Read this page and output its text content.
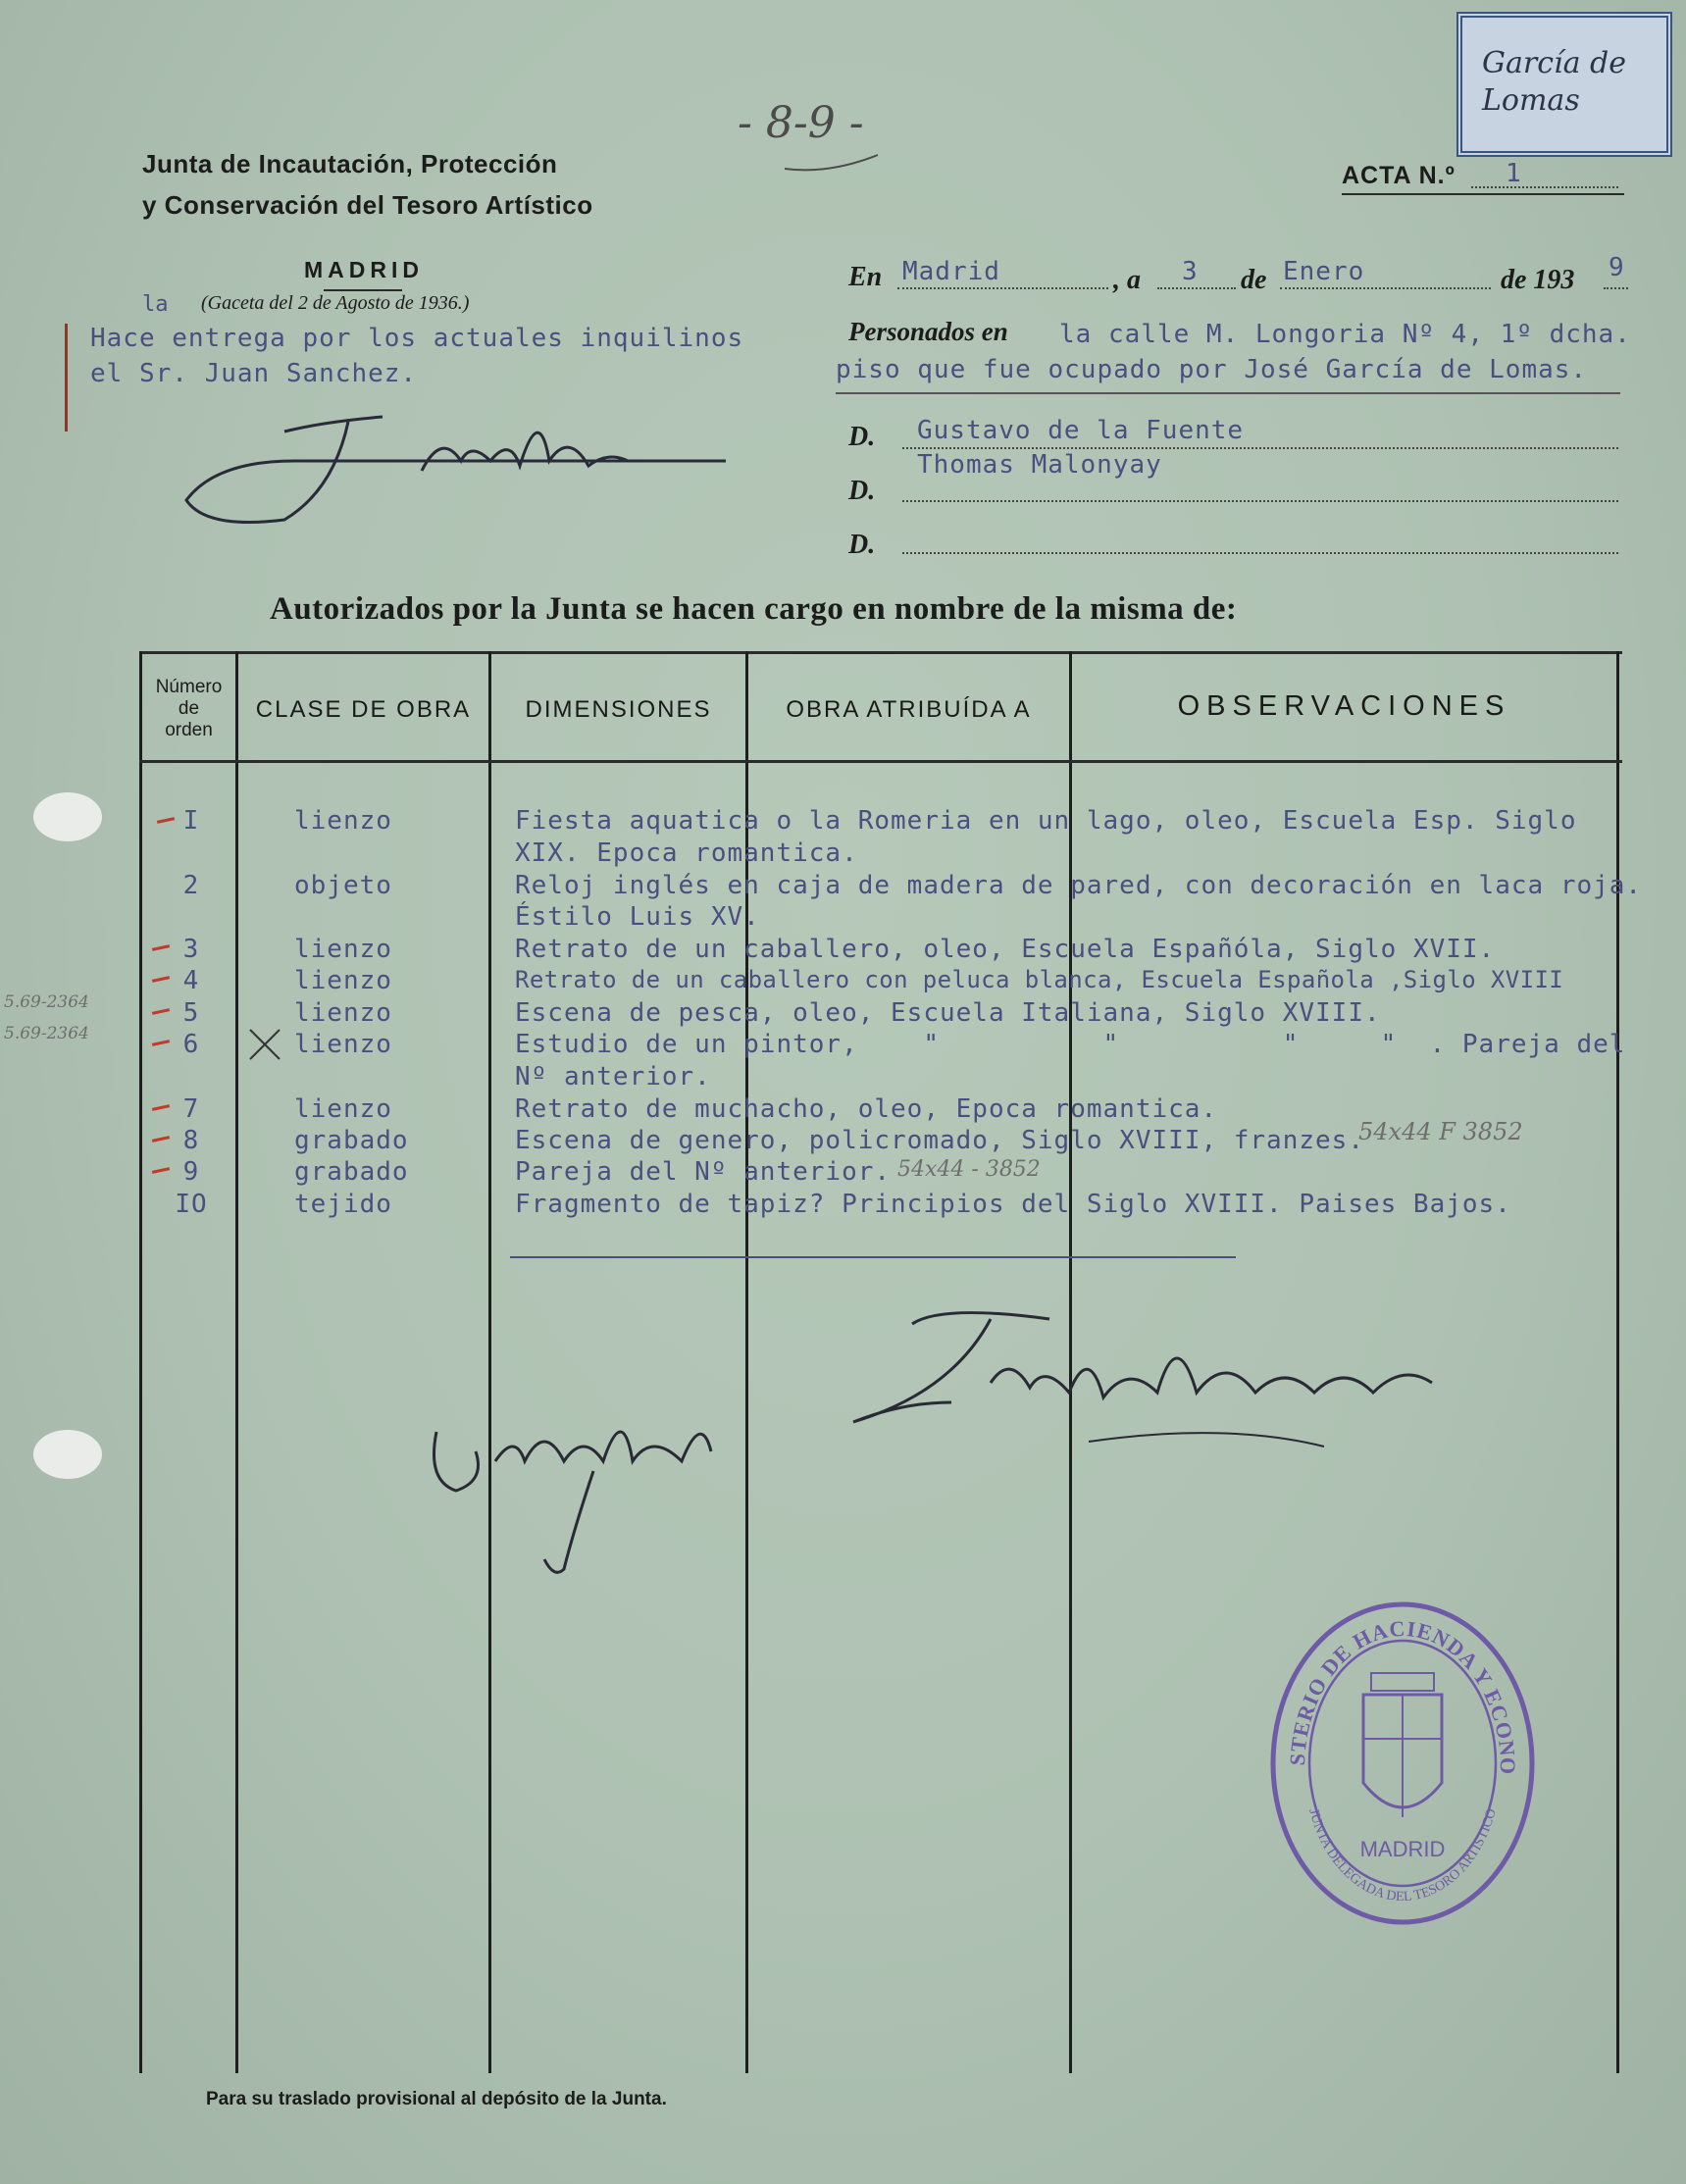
García de Lomas
- 8-9 -
Junta de Incautación, Protección
y Conservación del Tesoro Artístico
MADRID
la (Gaceta del 2 de Agosto de 1936.)
ACTA N.º 1
Hace entrega por los actuales inquilinos
el Sr. Juan Sanchez.
En Madrid	, a 3 de Enero	de 193 9
Personados en la calle M. Longoria Nº 4, 1º dcha.
piso que fue ocupado por José García de Lomas.
D. Gustavo de la Fuente
Thomas Malonyay
D.
D.
Autorizados por la Junta se hacen cargo en nombre de la misma de:
Número
de
orden
CLASE DE OBRA	DIMENSIONES	OBRA ATRIBUÍDA A	OBSERVACIONES
I	lienzo	Fiesta aquatica o la Romeria en un lago, oleo, Escuela Esp. Siglo
XIX. Epoca romantica.
2	objeto	Reloj inglés en caja de madera de pared, con decoración en laca roja.
Éstilo Luis XV.
3	lienzo	Retrato de un caballero, oleo, Escuela Españóla, Siglo XVII.
4	lienzo	Retrato de un caballero con peluca blanca, Escuela Española ,Siglo XVIII
5	lienzo	Escena de pesca, oleo, Escuela Italiana, Siglo XVIII.
6	lienzo	Estudio de un pintor,    "          "          "     "  . Pareja del
Nº anterior.
7	lienzo	Retrato de muchacho, oleo, Epoca romantica.
8	grabado	Escena de genero, policromado, Siglo XVIII, franzes.
9	grabado	Pareja del Nº anterior.
IO	tejido	Fragmento de tapiz? Principios del Siglo XVIII. Paises Bajos.
54x44 F 3852
54x44 - 3852
5.69-2364
5.69-2364
STERIO DE HACIENDA Y ECONO
JUNTA DELEGADA DEL TESORO ARTISTICO
MADRID
Para su traslado provisional al depósito de la Junta.
